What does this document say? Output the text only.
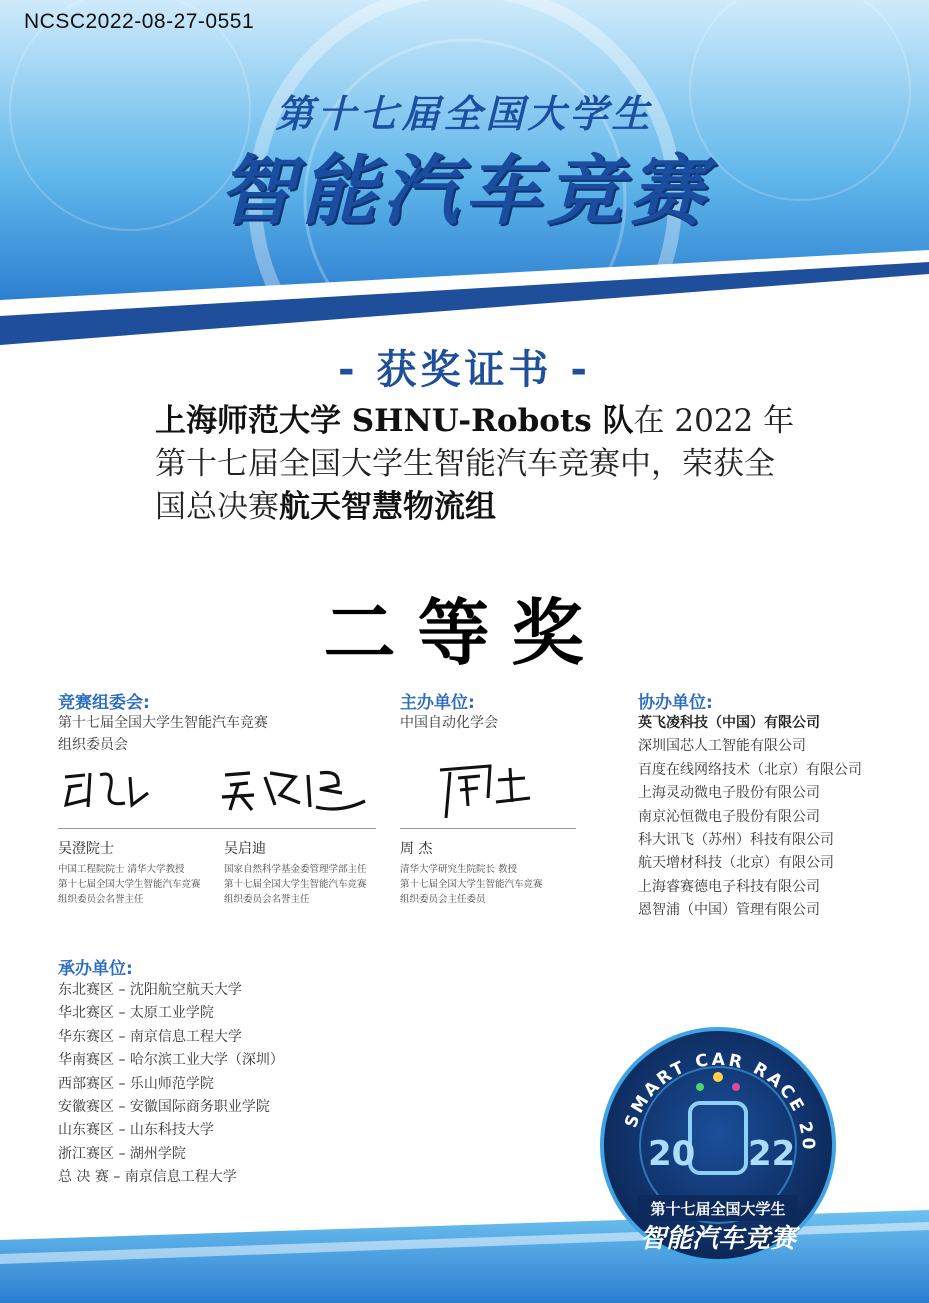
NCSC2022-08-27-0551
第十七届全国大学生
智能汽车竞赛
- 获奖证书 -
上海师范大学 SHNU-Robots 队在 2022 年第十七届全国大学生智能汽车竞赛中，荣获全国总决赛航天智慧物流组
二等奖
竞赛组委会:
第十七届全国大学生智能汽车竞赛
组织委员会
吴澄院士
中国工程院院士 清华大学教授
第十七届全国大学生智能汽车竞赛
组织委员会名誉主任
吴启迪
国家自然科学基金委管理学部主任
第十七届全国大学生智能汽车竞赛
组织委员会名誉主任
主办单位:
中国自动化学会
周 杰
清华大学研究生院院长 教授
第十七届全国大学生智能汽车竞赛
组织委员会主任委员
协办单位:
英飞凌科技（中国）有限公司
深圳国芯人工智能有限公司
百度在线网络技术（北京）有限公司
上海灵动微电子股份有限公司
南京沁恒微电子股份有限公司
科大讯飞（苏州）科技有限公司
航天增材科技（北京）有限公司
上海睿赛德电子科技有限公司
恩智浦（中国）管理有限公司
承办单位:
东北赛区 – 沈阳航空航天大学
华北赛区 – 太原工业学院
华东赛区 – 南京信息工程大学
华南赛区 – 哈尔滨工业大学（深圳）
西部赛区 – 乐山师范学院
安徽赛区 – 安徽国际商务职业学院
山东赛区 – 山东科技大学
浙江赛区 – 湖州学院
总 决 赛 – 南京信息工程大学
SMART CAR RACE 20
20 22
第十七届全国大学生
智能汽车竞赛
